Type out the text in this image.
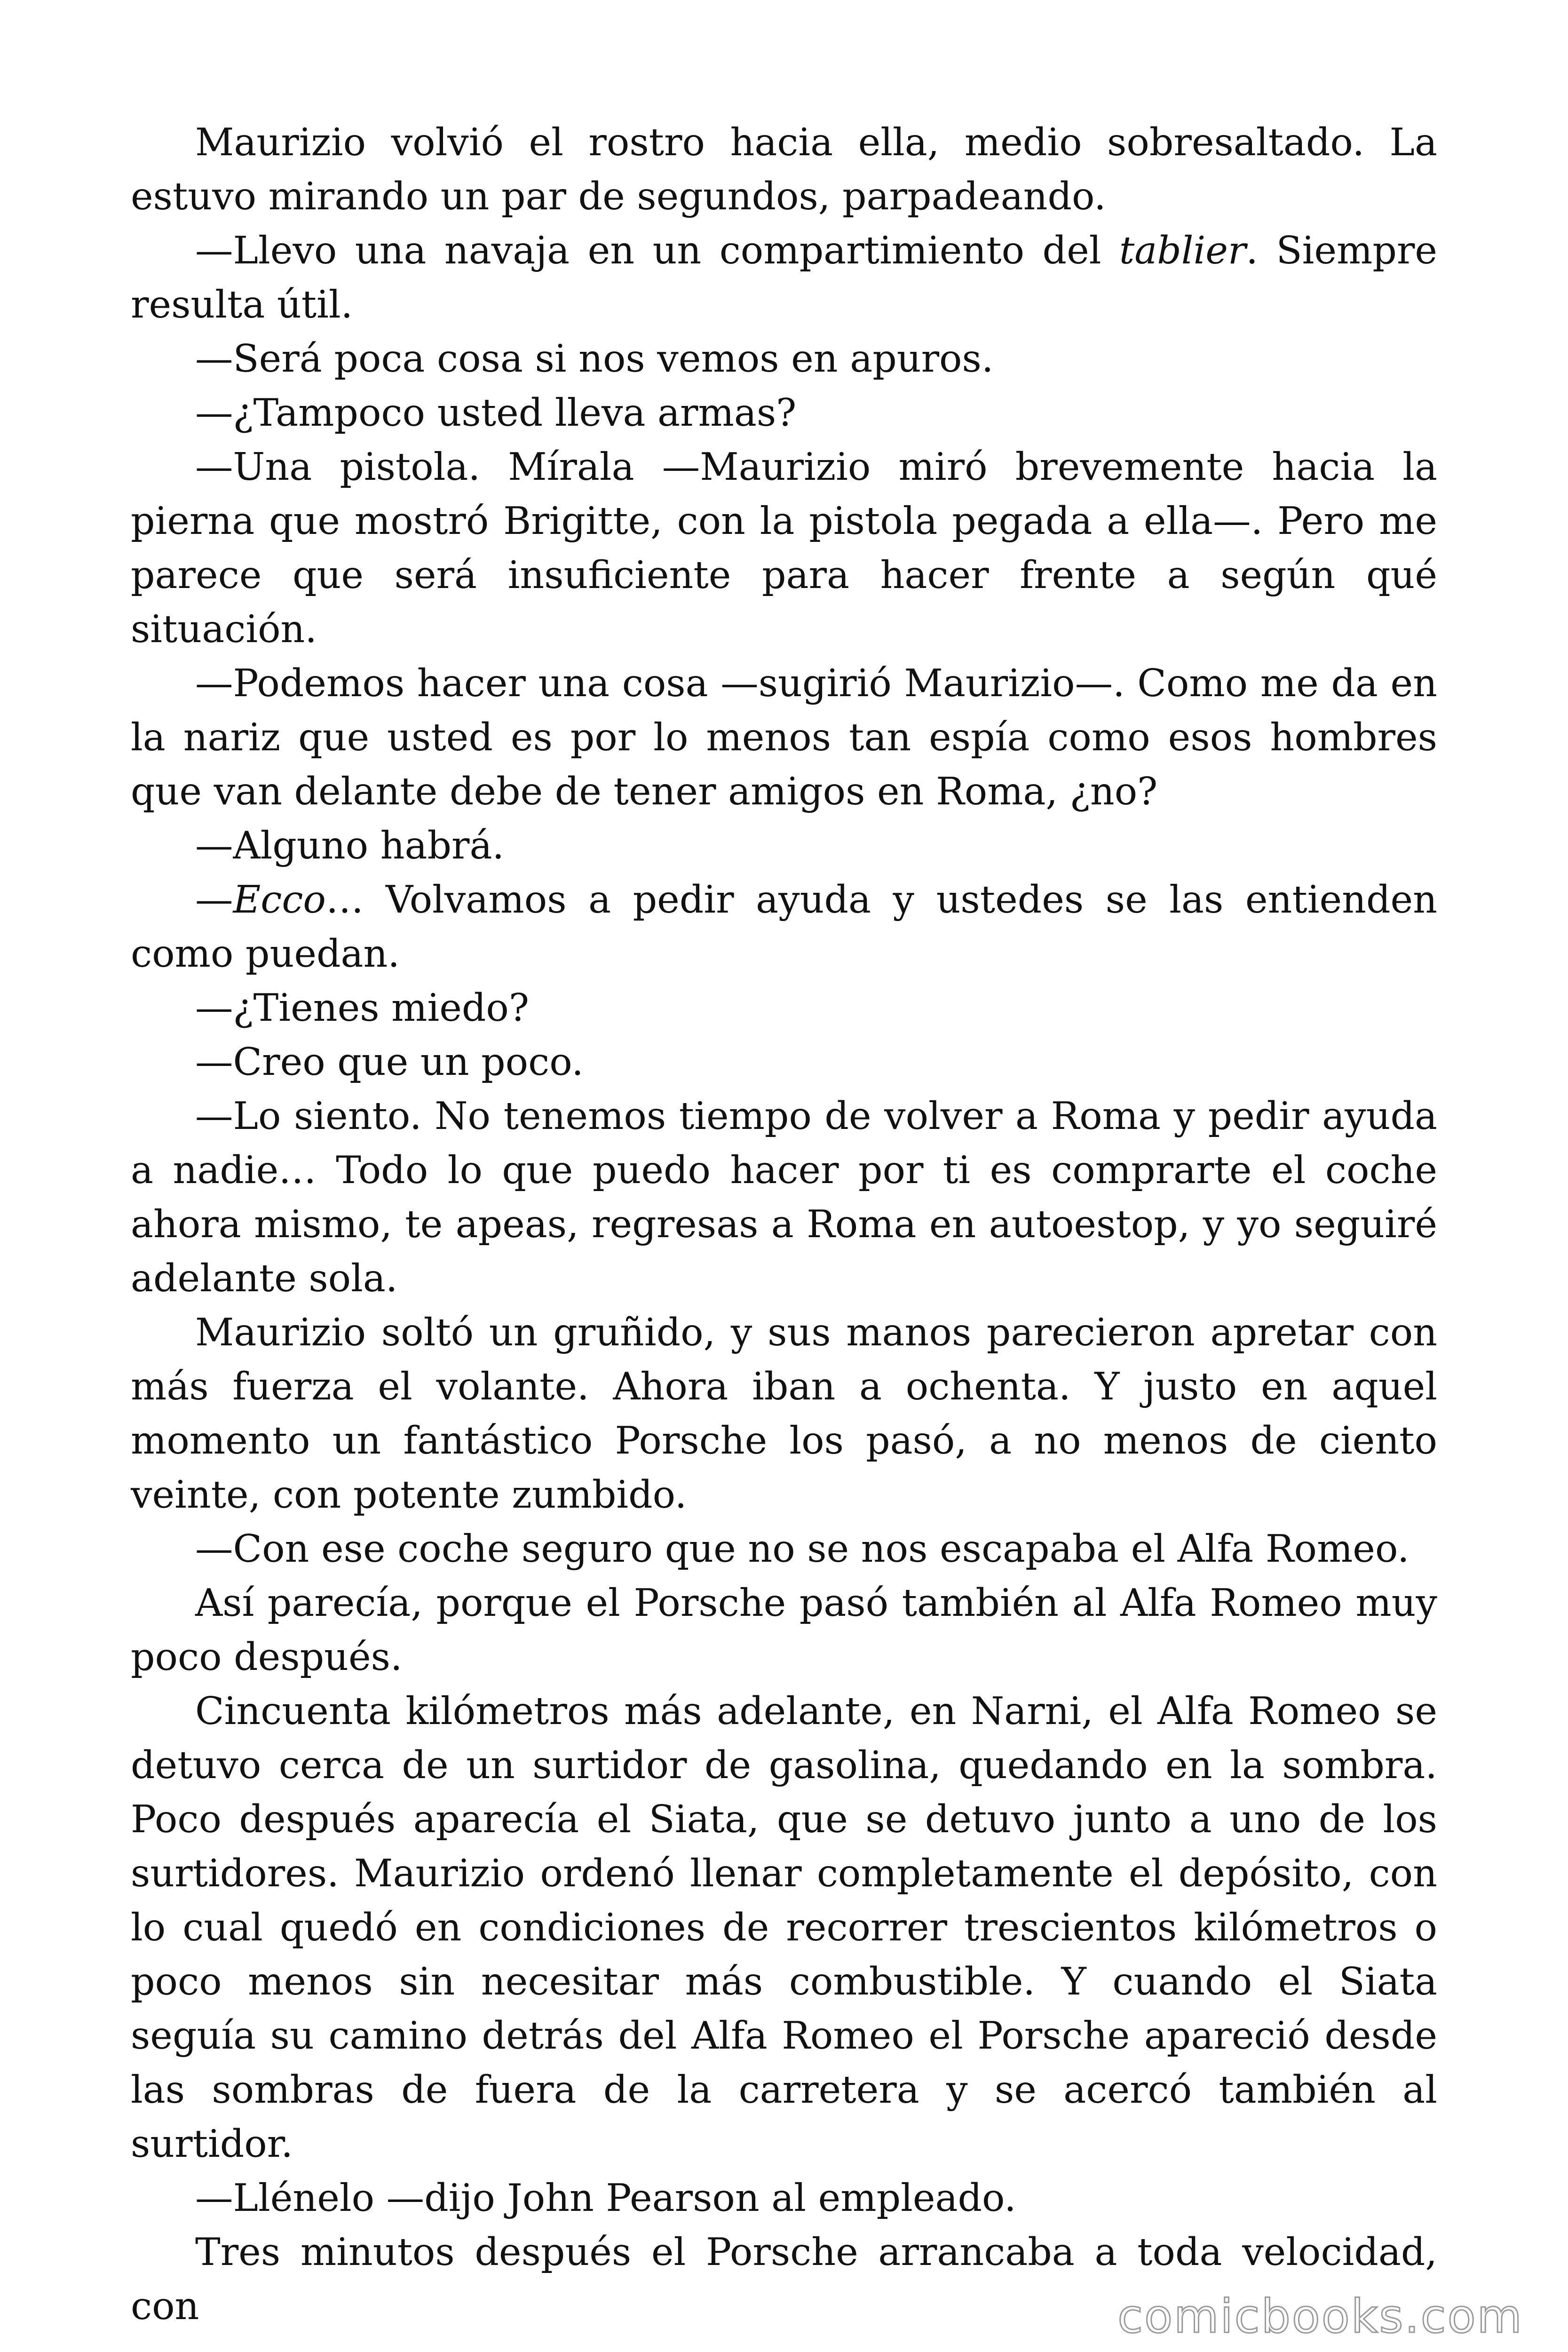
Maurizio volvió el rostro hacia ella, medio sobresaltado. La estuvo mirando un par de segundos, parpadeando.

—Llevo una navaja en un compartimiento del tablier. Siempre resulta útil.

—Será poca cosa si nos vemos en apuros.

—¿Tampoco usted lleva armas?

—Una pistola. Mírala —Maurizio miró brevemente hacia la pierna que mostró Brigitte, con la pistola pegada a ella—. Pero me parece que será insuficiente para hacer frente a según qué situación.

—Podemos hacer una cosa —sugirió Maurizio—. Como me da en la nariz que usted es por lo menos tan espía como esos hombres que van delante debe de tener amigos en Roma, ¿no?

—Alguno habrá.

—Ecco… Volvamos a pedir ayuda y ustedes se las entienden como puedan.

—¿Tienes miedo?

—Creo que un poco.

—Lo siento. No tenemos tiempo de volver a Roma y pedir ayuda a nadie… Todo lo que puedo hacer por ti es comprarte el coche ahora mismo, te apeas, regresas a Roma en autoestop, y yo seguiré adelante sola.

Maurizio soltó un gruñido, y sus manos parecieron apretar con más fuerza el volante. Ahora iban a ochenta. Y justo en aquel momento un fantástico Porsche los pasó, a no menos de ciento veinte, con potente zumbido.

—Con ese coche seguro que no se nos escapaba el Alfa Romeo.

Así parecía, porque el Porsche pasó también al Alfa Romeo muy poco después.

Cincuenta kilómetros más adelante, en Narni, el Alfa Romeo se detuvo cerca de un surtidor de gasolina, quedando en la sombra. Poco después aparecía el Siata, que se detuvo junto a uno de los surtidores. Maurizio ordenó llenar completamente el depósito, con lo cual quedó en condiciones de recorrer trescientos kilómetros o poco menos sin necesitar más combustible. Y cuando el Siata seguía su camino detrás del Alfa Romeo el Porsche apareció desde las sombras de fuera de la carretera y se acercó también al surtidor.

—Llénelo —dijo John Pearson al empleado.

Tres minutos después el Porsche arrancaba a toda velocidad, con	comicbooks.com
